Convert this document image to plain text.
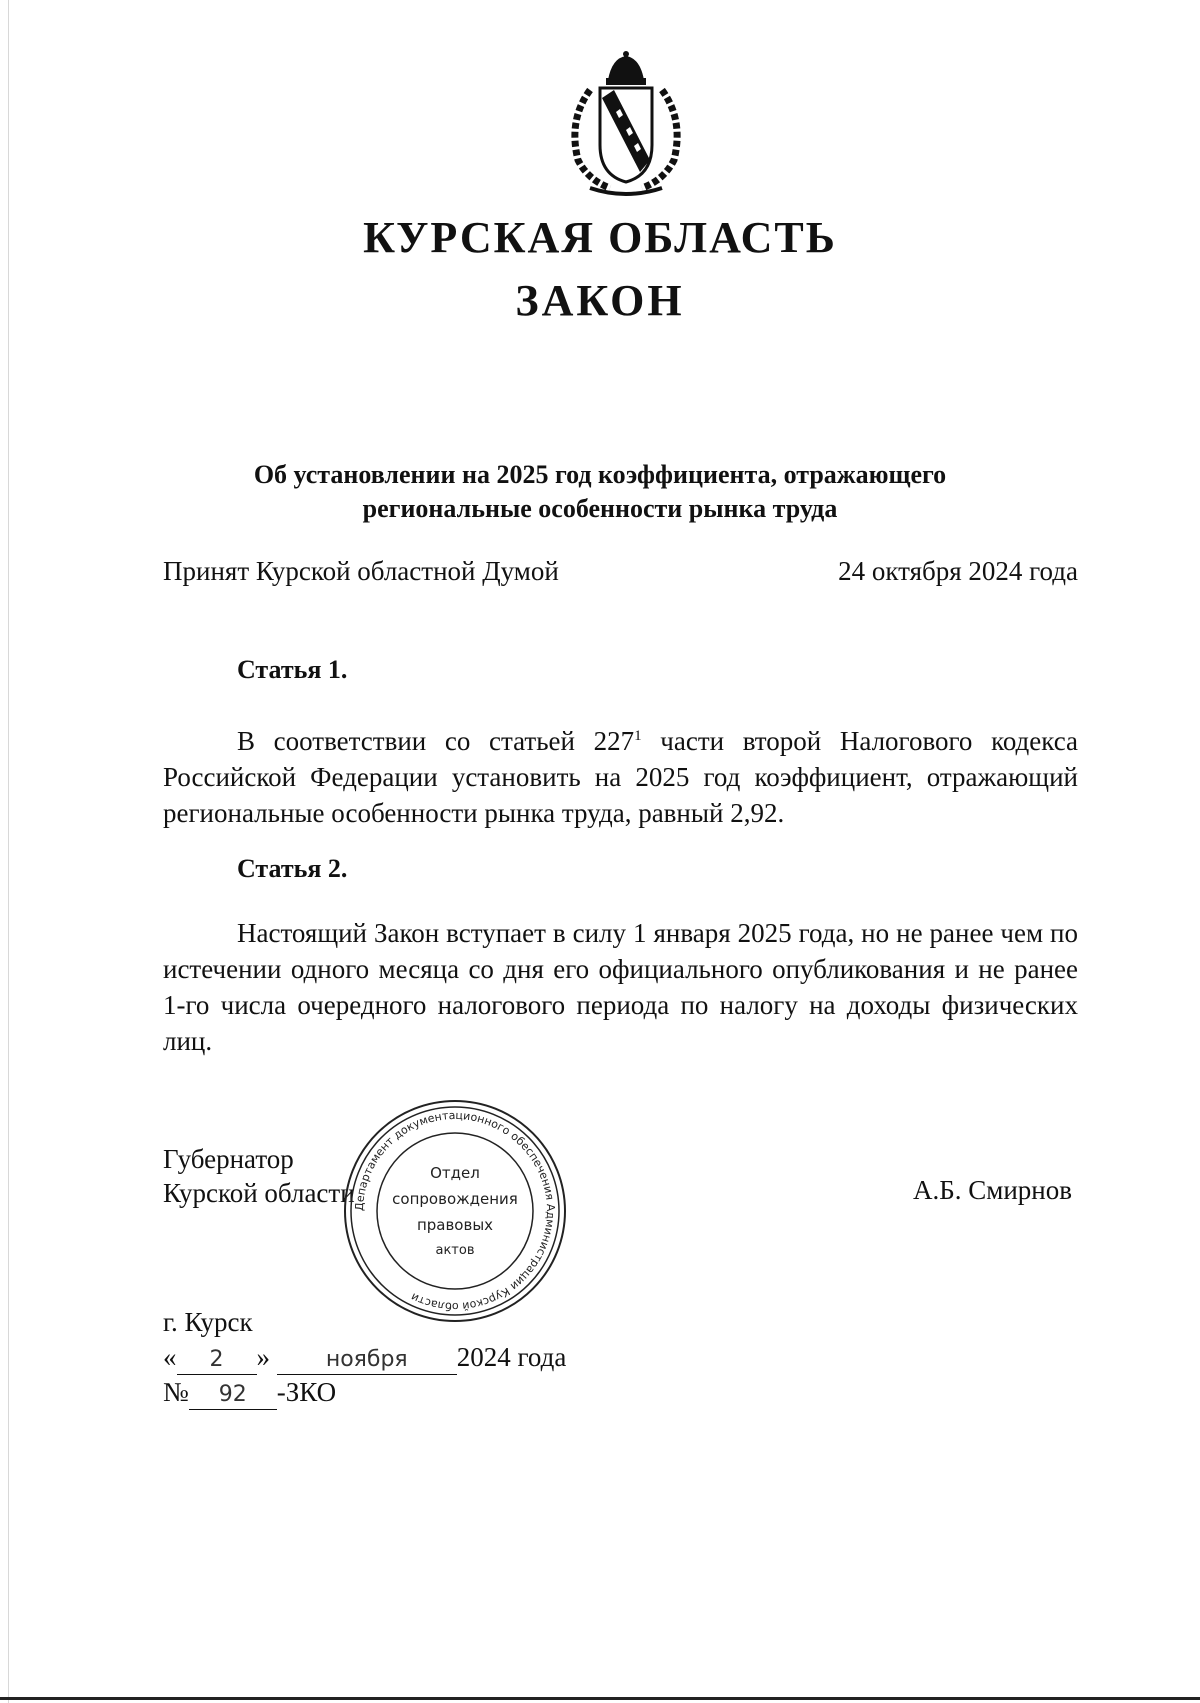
КУРСКАЯ ОБЛАСТЬ
ЗАКОН
Об установлении на 2025 год коэффициента, отражающего
региональные особенности рынка труда
Принят Курской областной Думой	24 октября 2024 года
Статья 1.

В соответствии со статьей $227^1$ части второй Налогового кодекса Российской Федерации установить на 2025 год коэффициент, отражающий региональные особенности рынка труда, равный 2,92.

Статья 2.

Настоящий Закон вступает в силу 1 января 2025 года, но не ранее чем по истечении одного месяца со дня его официального опубликования и не ранее 1-го числа очередного налогового периода по налогу на доходы физических лиц.

Губернатор
Курской области
Департамент документационного обеспечения Администрации Курской области
Отдел
сопровождения
правовых
актов
А.Б. Смирнов
г. Курск
« 2 »	ноября 2024 года
№ 92 -ЗКО
